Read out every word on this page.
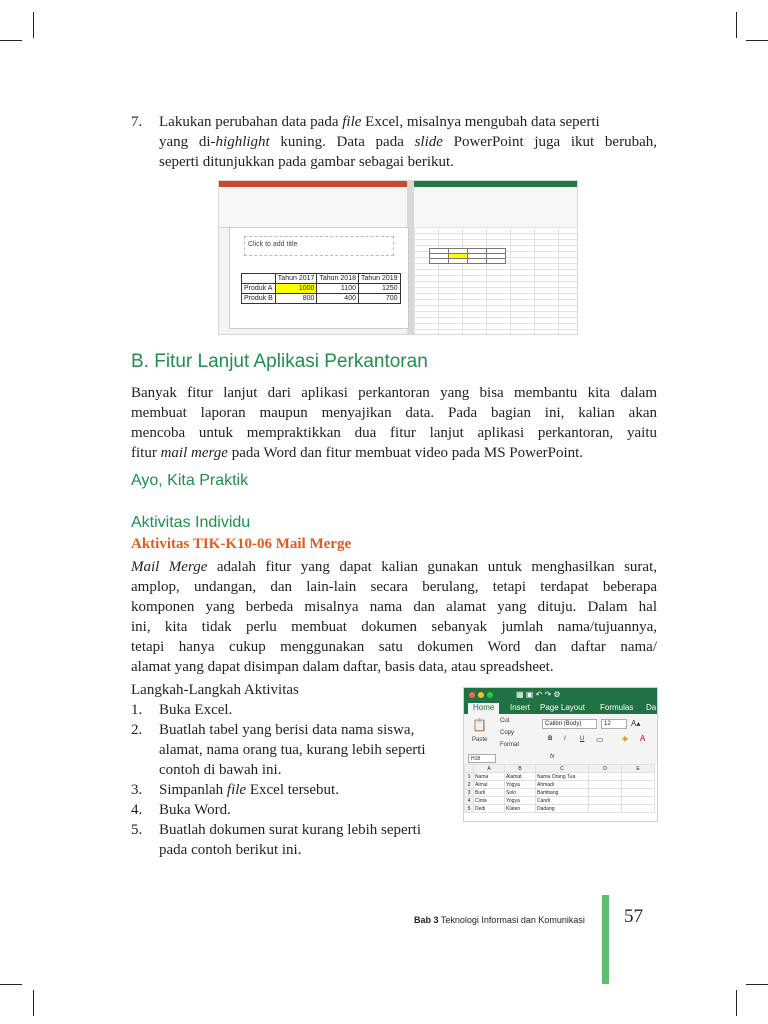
7. Lakukan perubahan data pada file Excel, misalnya mengubah data seperti

yang di-highlight kuning. Data pada slide PowerPoint juga ikut berubah,

seperti ditunjukkan pada gambar sebagai berikut.

Click to add title
	Tahun 2017	Tahun 2018	Tahun 2019
Produk A	1000	1100	1250
Produk B	800	400	700

B. Fitur Lanjut Aplikasi Perkantoran

Banyak fitur lanjut dari aplikasi perkantoran yang bisa membantu kita dalam

membuat laporan maupun menyajikan data. Pada bagian ini, kalian akan

mencoba untuk mempraktikkan dua fitur lanjut aplikasi perkantoran, yaitu

fitur mail merge pada Word dan fitur membuat video pada MS PowerPoint.

Ayo, Kita Praktik
Aktivitas Individu
Aktivitas TIK-K10-06 Mail Merge

Mail Merge adalah fitur yang dapat kalian gunakan untuk menghasilkan surat,

amplop, undangan, dan lain-lain secara berulang, tetapi terdapat beberapa

komponen yang berbeda misalnya nama dan alamat yang dituju. Dalam hal

ini, kita tidak perlu membuat dokumen sebanyak jumlah nama/tujuannya,

tetapi hanya cukup menggunakan satu dokumen Word dan daftar nama/

alamat yang dapat disimpan dalam daftar, basis data, atau spreadsheet.

Langkah-Langkah Aktivitas

1. Buka Excel.
2. Buatlah tabel yang berisi data nama siswa,
alamat, nama orang tua, kurang lebih seperti
contoh di bawah ini.
3. Simpanlah file Excel tersebut.
4. Buka Word.
5. Buatlah dokumen surat kurang lebih seperti
pada contoh berikut ini.
▦ ▣ ↶ ↷ ⚙
Home	Insert Page Layout Formulas Da
📋
Paste
Cut
Copy
Format
Calibri (Body)	12	A▴
B I U ▭ ◈ A
H18	fx
	A	B	C	D	E
1	Nama	Alamat	Nama Orang Tua		
2	Aimul	Yogya	Ahmadi		
3	Budi	Solo	Bambang		
4	Cinta	Yogya	Candi		
5	Dedi	Klaten	Dadang		
Bab 3 Teknologi Informasi dan Komunikasi 57
